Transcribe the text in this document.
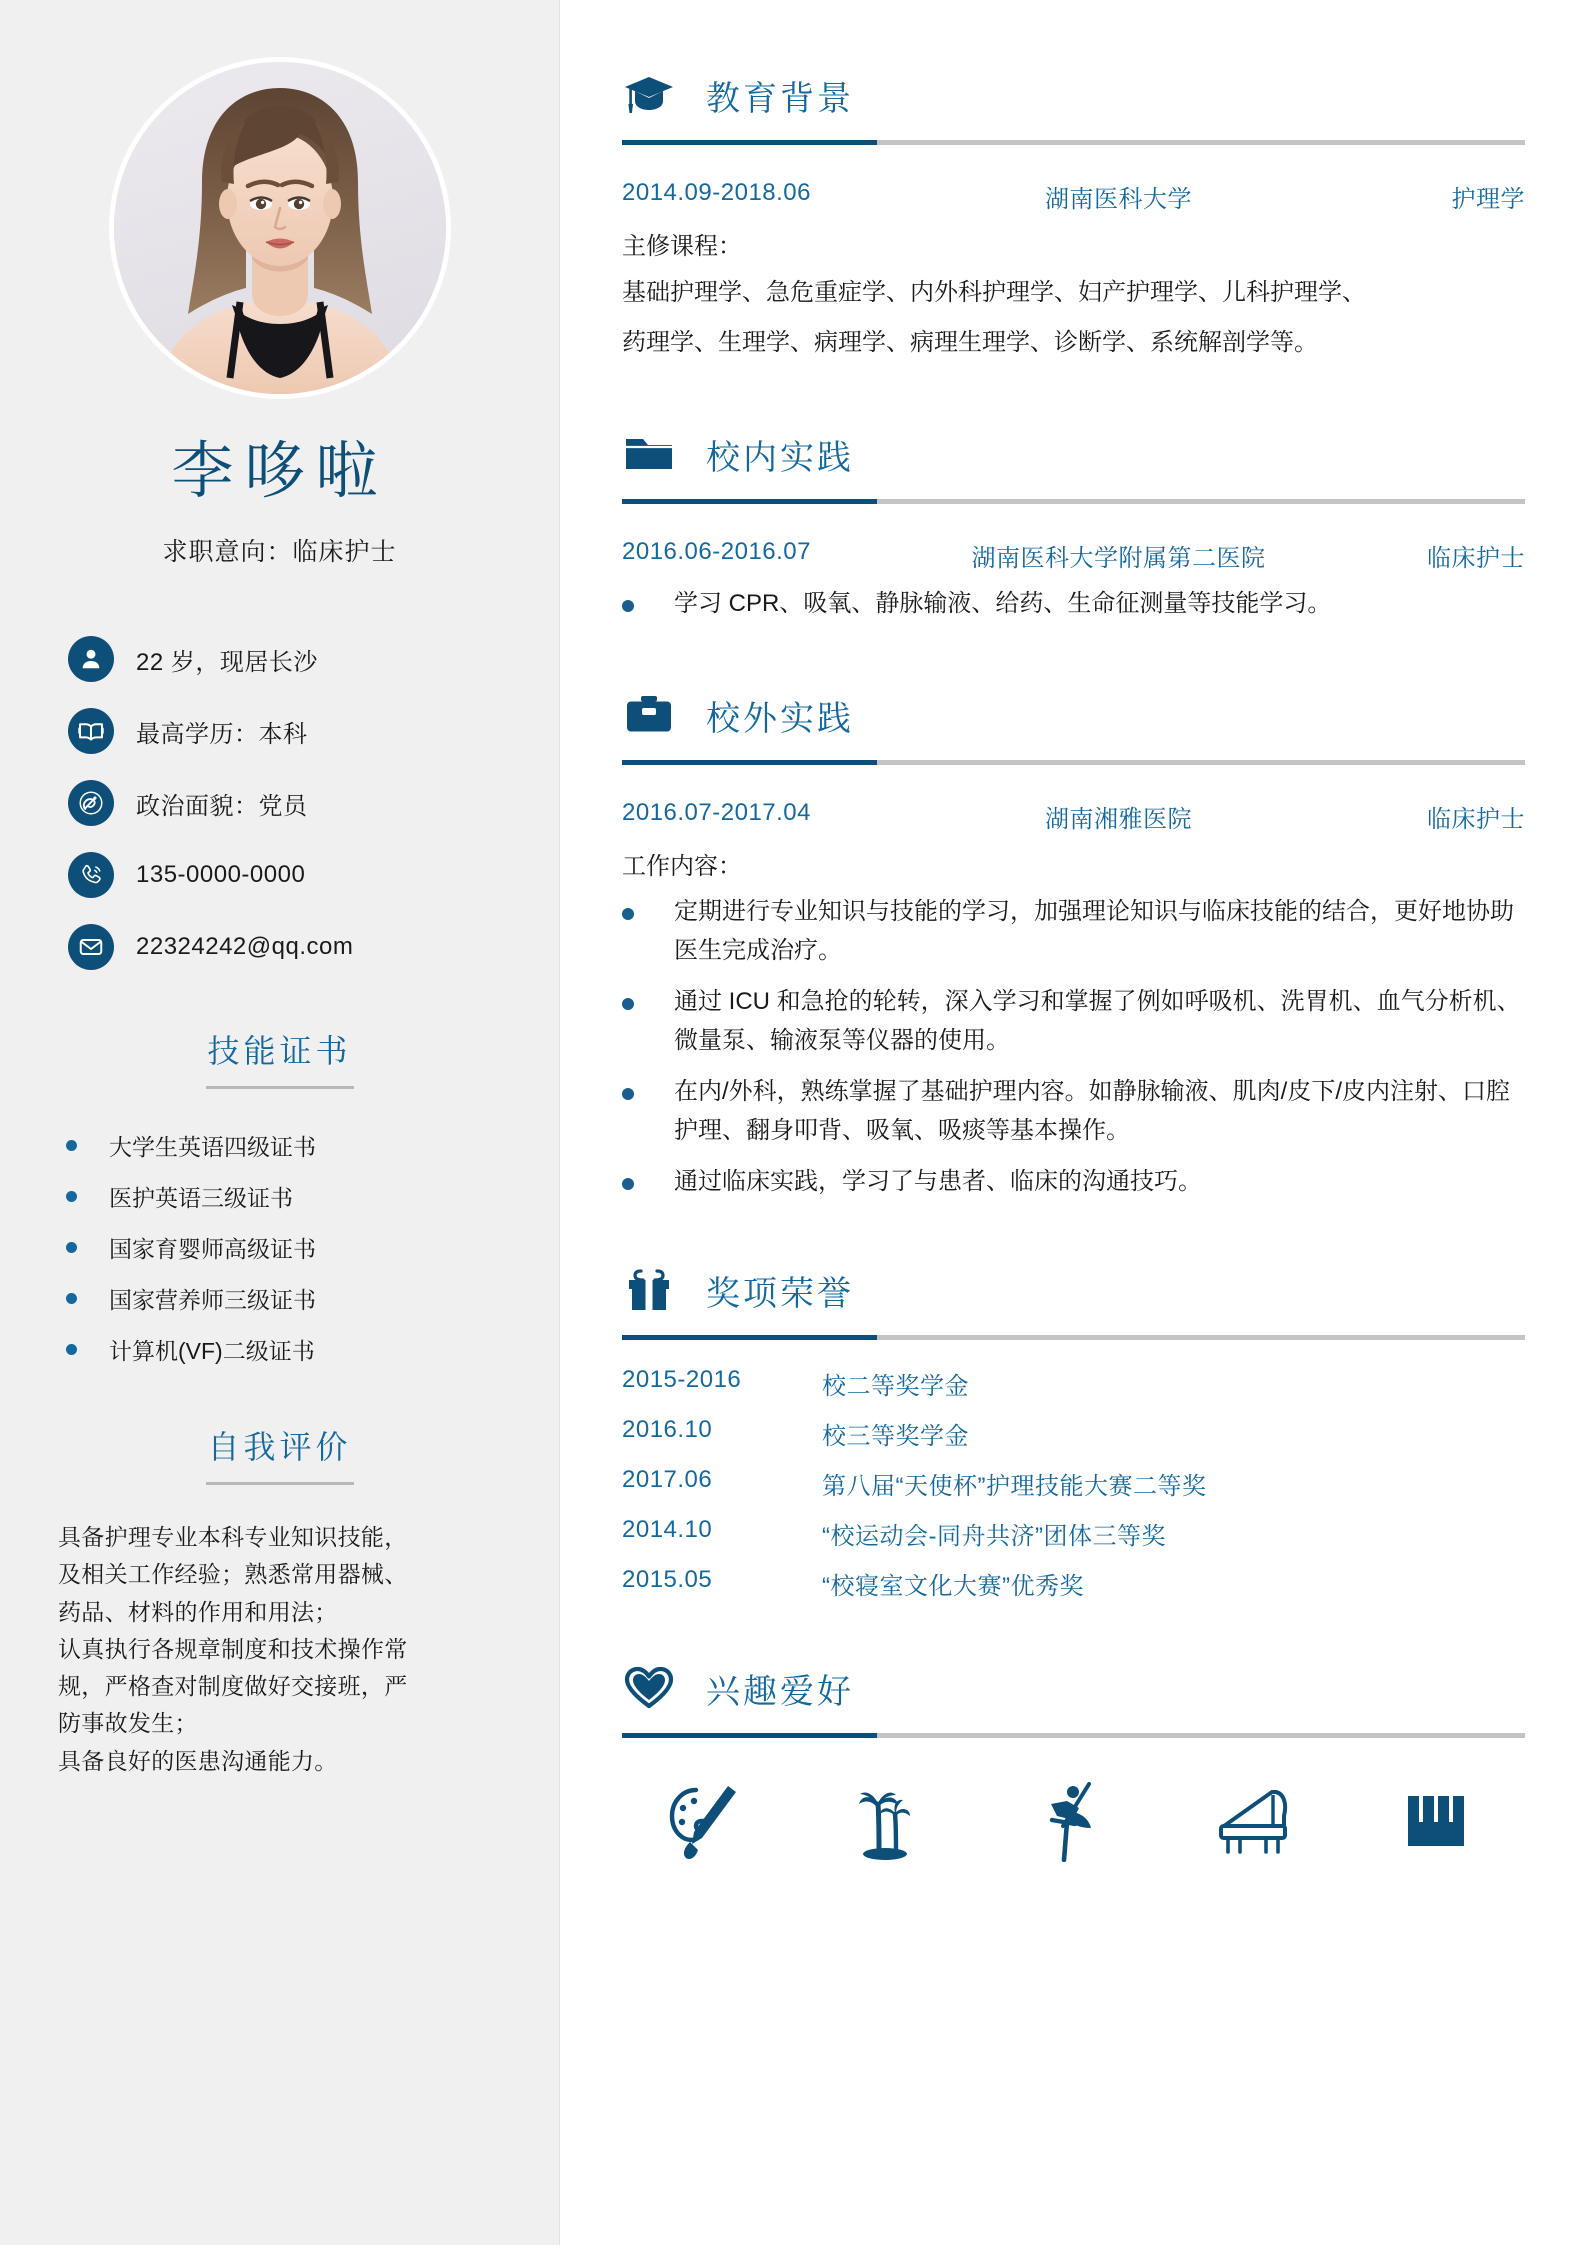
李哆啦
求职意向：临床护士
22 岁，现居长沙
最高学历：本科
政治面貌：党员
135-0000-0000
22324242@qq.com
技能证书
大学生英语四级证书
医护英语三级证书
国家育婴师高级证书
国家营养师三级证书
计算机(VF)二级证书
自我评价

具备护理专业本科专业知识技能，

及相关工作经验；熟悉常用器械、

药品、材料的作用和用法；

认真执行各规章制度和技术操作常

规，严格查对制度做好交接班，严

防事故发生；

具备良好的医患沟通能力。

教育背景
2014.09-2018.06	湖南医科大学	护理学
主修课程：
基础护理学、急危重症学、内外科护理学、妇产护理学、儿科护理学、
药理学、生理学、病理学、病理生理学、诊断学、系统解剖学等。
校内实践
2016.06-2016.07	湖南医科大学附属第二医院	临床护士
学习 CPR、吸氧、静脉输液、给药、生命征测量等技能学习。
校外实践
2016.07-2017.04	湖南湘雅医院	临床护士
工作内容：
定期进行专业知识与技能的学习，加强理论知识与临床技能的结合，更好地协助医生完成治疗。
通过 ICU 和急抢的轮转，深入学习和掌握了例如呼吸机、洗胃机、血气分析机、微量泵、输液泵等仪器的使用。
在内/外科，熟练掌握了基础护理内容。如静脉输液、肌肉/皮下/皮内注射、口腔护理、翻身叩背、吸氧、吸痰等基本操作。
通过临床实践，学习了与患者、临床的沟通技巧。
奖项荣誉
2015-2016	校二等奖学金
2016.10	校三等奖学金
2017.06	第八届“天使杯”护理技能大赛二等奖
2014.10	“校运动会-同舟共济”团体三等奖
2015.05	“校寝室文化大赛”优秀奖
兴趣爱好
